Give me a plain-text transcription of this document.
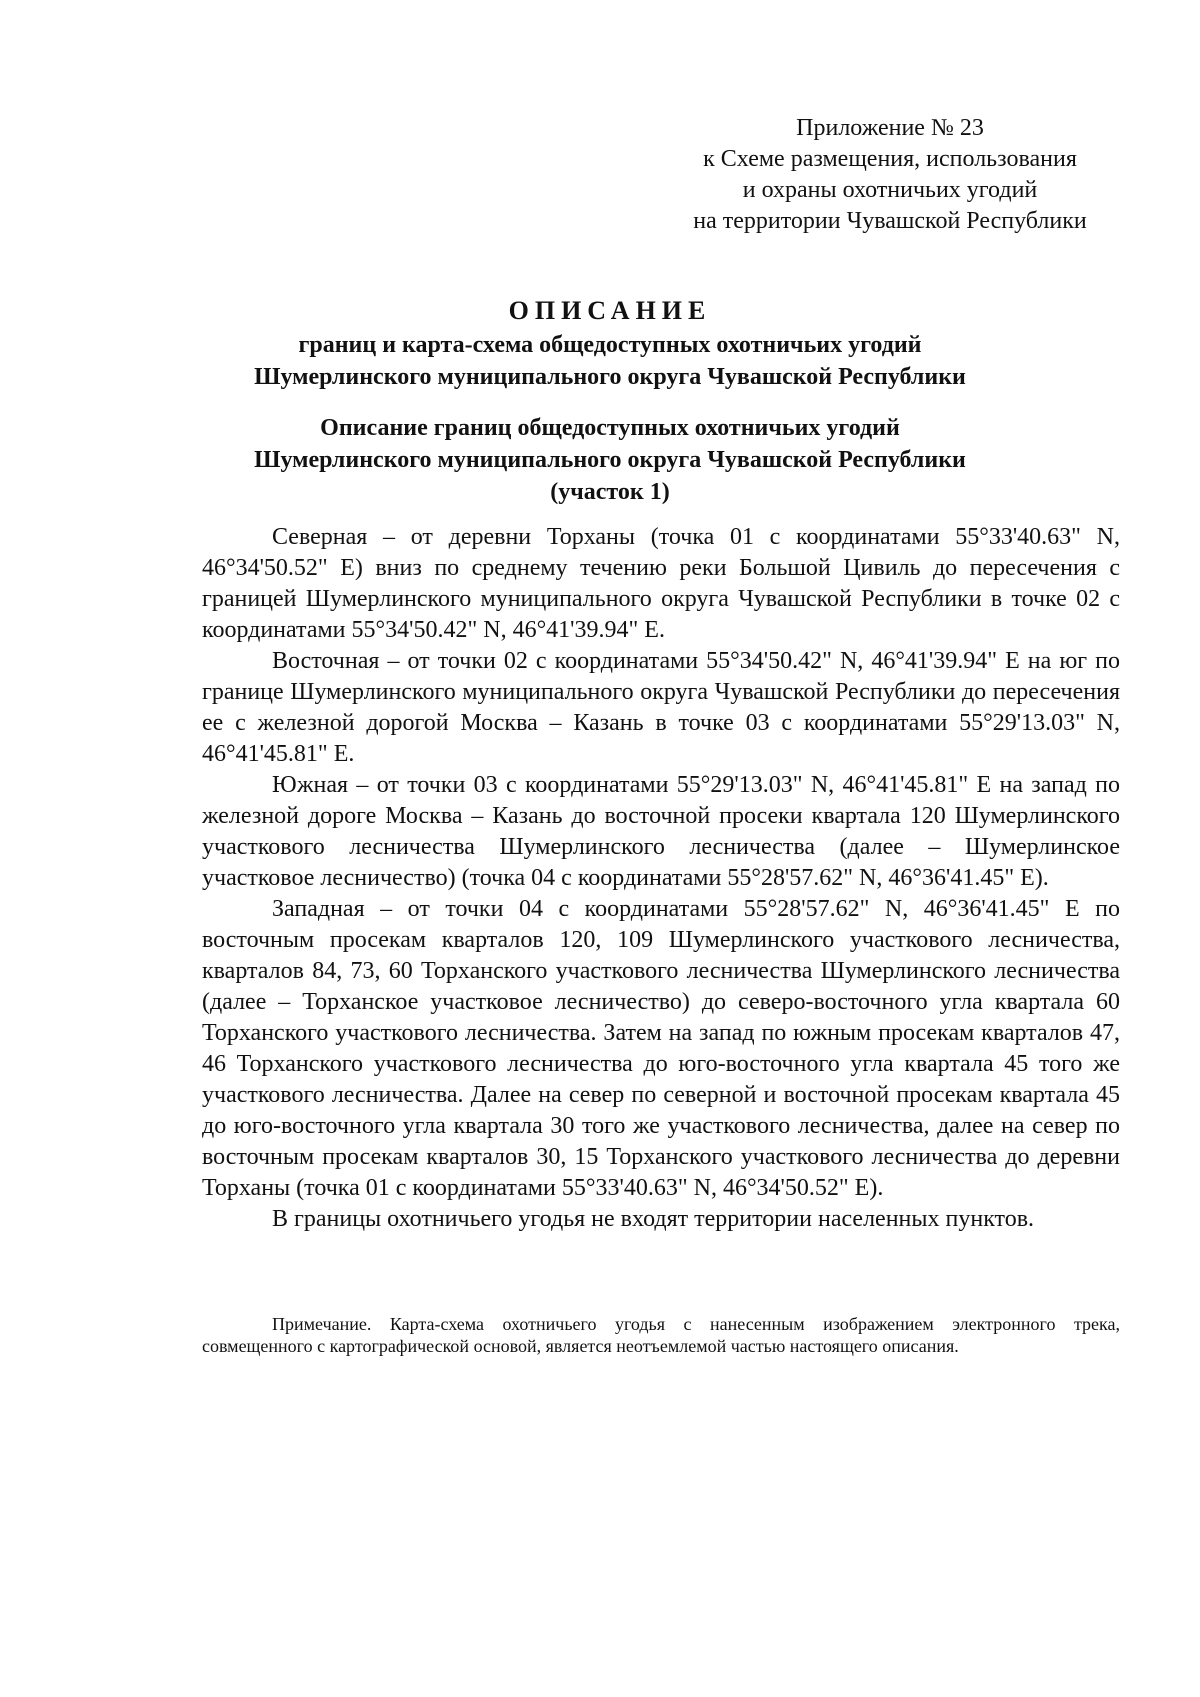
Приложение № 23
к Схеме размещения, использования
и охраны охотничьих угодий
на территории Чувашской Республики

ОПИСАНИЕ

границ и карта-схема общедоступных охотничьих угодий

Шумерлинского муниципального округа Чувашской Республики

Описание границ общедоступных охотничьих угодий

Шумерлинского муниципального округа Чувашской Республики

(участок 1)

Северная – от деревни Торханы (точка 01 с координатами 55°33'40.63" N, 46°34'50.52" E) вниз по среднему течению реки Большой Цивиль до пересечения с границей Шумерлинского муниципального округа Чувашской Республики в точке 02 с координатами 55°34'50.42" N, 46°41'39.94" E.

Восточная – от точки 02 с координатами 55°34'50.42" N, 46°41'39.94" E на юг по границе Шумерлинского муниципального округа Чувашской Республики до пересечения ее с железной дорогой Москва – Казань в точке 03 с координатами 55°29'13.03" N, 46°41'45.81" E.

Южная – от точки 03 с координатами 55°29'13.03" N, 46°41'45.81" E на запад по железной дороге Москва – Казань до восточной просеки квартала 120 Шумерлинского участкового лесничества Шумерлинского лесничества (далее – Шумерлинское участковое лесничество) (точка 04 с координатами 55°28'57.62" N, 46°36'41.45" E).

Западная – от точки 04 с координатами 55°28'57.62" N, 46°36'41.45" E по восточным просекам кварталов 120, 109 Шумерлинского участкового лесничества, кварталов 84, 73, 60 Торханского участкового лесничества Шумерлинского лесничества (далее – Торханское участковое лесничество) до северо-восточного угла квартала 60 Торханского участкового лесничества. Затем на запад по южным просекам кварталов 47, 46 Торханского участкового лесничества до юго-восточного угла квартала 45 того же участкового лесничества. Далее на север по северной и восточной просекам квартала 45 до юго-восточного угла квартала 30 того же участкового лесничества, далее на север по восточным просекам кварталов 30, 15 Торханского участкового лесничества до деревни Торханы (точка 01 с координатами 55°33'40.63" N, 46°34'50.52" E).

В границы охотничьего угодья не входят территории населенных пунктов.

Примечание. Карта-схема охотничьего угодья с нанесенным изображением электронного трека, совмещенного с картографической основой, является неотъемлемой частью настоящего описания.
